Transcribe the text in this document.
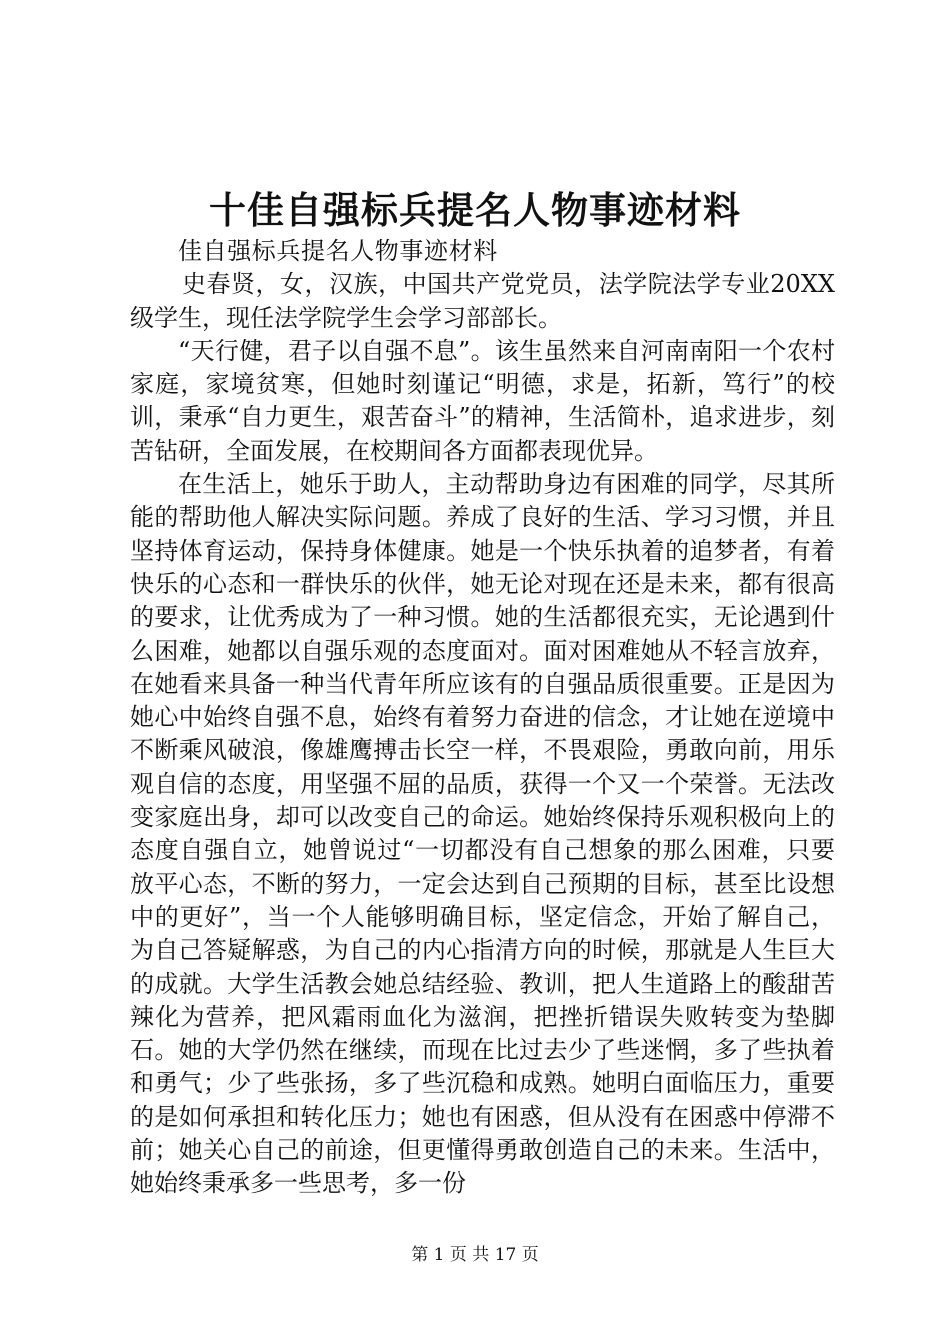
十佳自强标兵提名人物事迹材料

佳自强标兵提名人物事迹材料

史春贤，女，汉族，中国共产党党员，法学院法学专业20XX级学生，现任法学院学生会学习部部长。

“天行健，君子以自强不息”。该生虽然来自河南南阳一个农村家庭，家境贫寒，但她时刻谨记“明德，求是，拓新，笃行”的校训，秉承“自力更生，艰苦奋斗”的精神，生活简朴，追求进步，刻苦钻研，全面发展，在校期间各方面都表现优异。

在生活上，她乐于助人，主动帮助身边有困难的同学，尽其所能的帮助他人解决实际问题。养成了良好的生活、学习习惯，并且坚持体育运动，保持身体健康。她是一个快乐执着的追梦者，有着快乐的心态和一群快乐的伙伴，她无论对现在还是未来，都有很高的要求，让优秀成为了一种习惯。她的生活都很充实，无论遇到什么困难，她都以自强乐观的态度面对。面对困难她从不轻言放弃，在她看来具备一种当代青年所应该有的自强品质很重要。正是因为她心中始终自强不息，始终有着努力奋进的信念，才让她在逆境中不断乘风破浪，像雄鹰搏击长空一样，不畏艰险，勇敢向前，用乐观自信的态度，用坚强不屈的品质，获得一个又一个荣誉。无法改变家庭出身，却可以改变自己的命运。她始终保持乐观积极向上的态度自强自立，她曾说过“一切都没有自己想象的那么困难，只要放平心态，不断的努力，一定会达到自己预期的目标，甚至比设想中的更好”，当一个人能够明确目标，坚定信念，开始了解自己，为自己答疑解惑，为自己的内心指清方向的时候，那就是人生巨大的成就。大学生活教会她总结经验、教训，把人生道路上的酸甜苦辣化为营养，把风霜雨血化为滋润，把挫折错误失败转变为垫脚石。她的大学仍然在继续，而现在比过去少了些迷惘，多了些执着和勇气；少了些张扬，多了些沉稳和成熟。她明白面临压力，重要的是如何承担和转化压力；她也有困惑，但从没有在困惑中停滞不前；她关心自己的前途，但更懂得勇敢创造自己的未来。生活中，她始终秉承多一些思考，多一份

第 1 页 共 17 页
